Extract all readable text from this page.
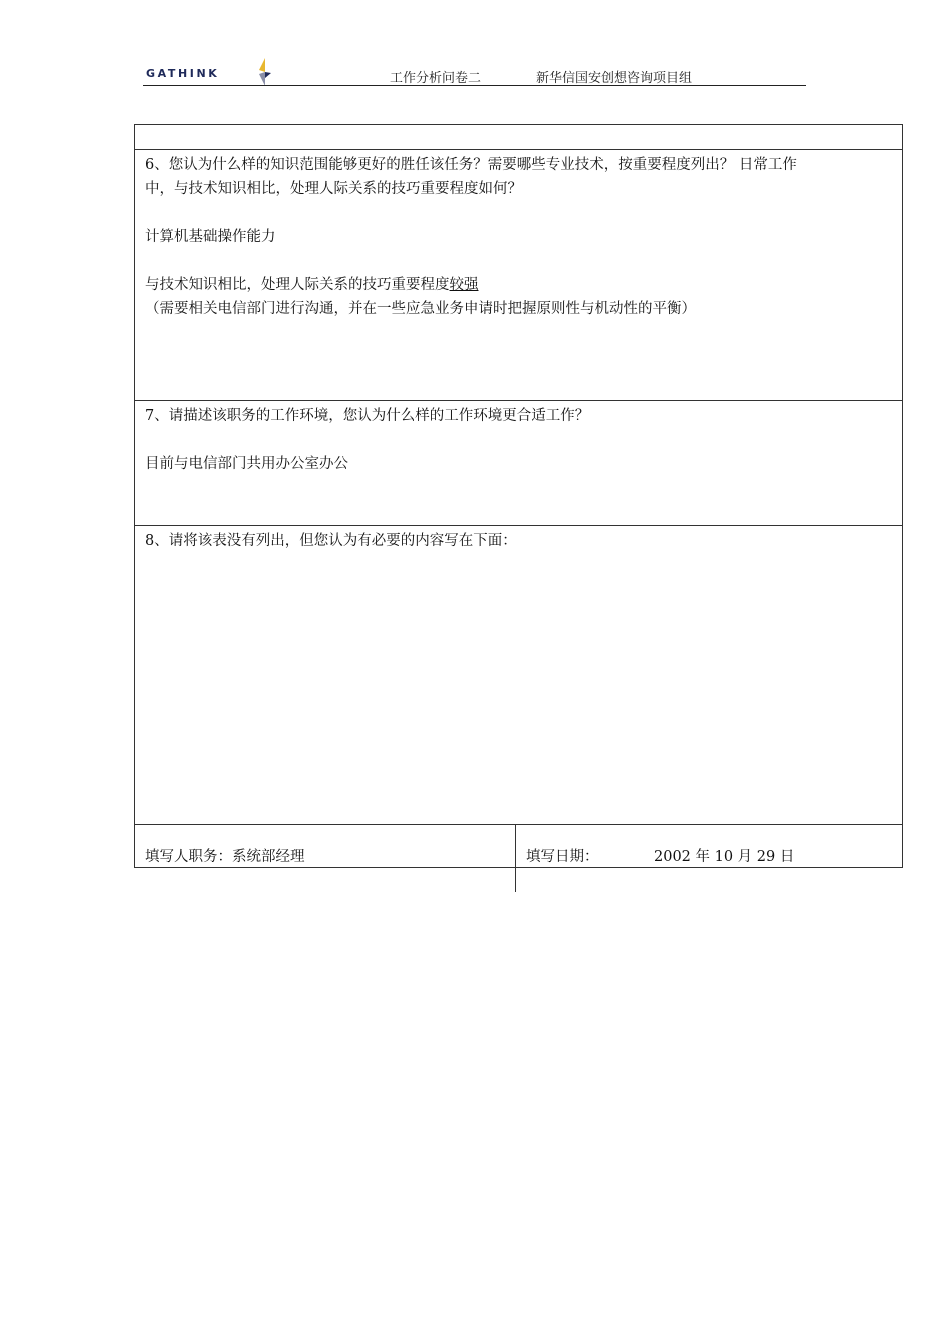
GATHINK	工作分析问卷二	新华信国安创想咨询项目组

6、您认为什么样的知识范围能够更好的胜任该任务？需要哪些专业技术，按重要程度列出？ 日常工作

中，与技术知识相比，处理人际关系的技巧重要程度如何？

计算机基础操作能力

与技术知识相比，处理人际关系的技巧重要程度较强

（需要相关电信部门进行沟通，并在一些应急业务申请时把握原则性与机动性的平衡）

7、请描述该职务的工作环境，您认为什么样的工作环境更合适工作？

目前与电信部门共用办公室办公

8、请将该表没有列出，但您认为有必要的内容写在下面：

填写人职务：系统部经理	填写日期：	2002 年 10 月 29 日
